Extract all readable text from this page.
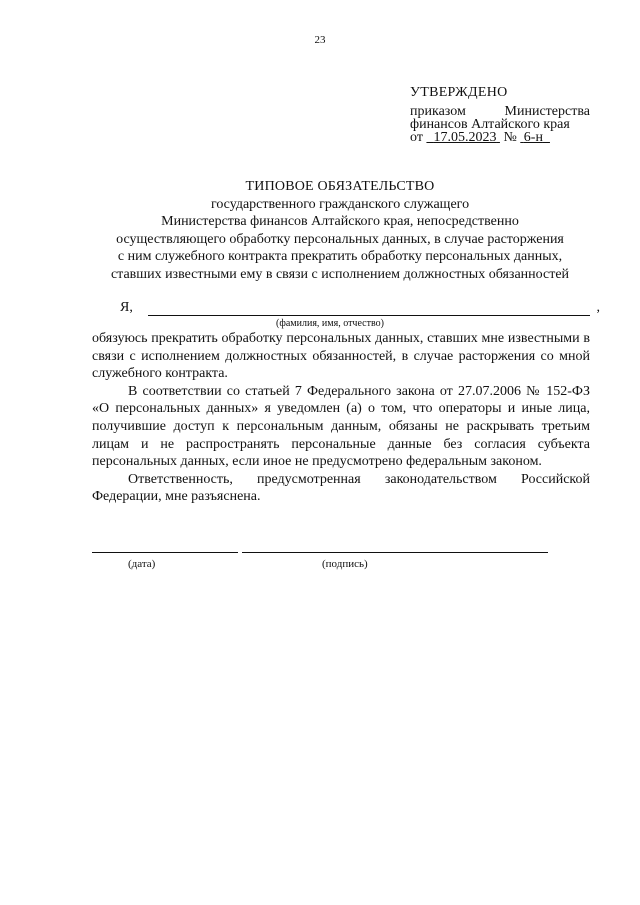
23
УТВЕРЖДЕНО
приказом	Министерства
финансов Алтайского края
от   17.05.2023 № 6-н
ТИПОВОЕ ОБЯЗАТЕЛЬСТВО
государственного гражданского служащего
Министерства финансов Алтайского края, непосредственно
осуществляющего обработку персональных данных, в случае расторжения
с ним служебного контракта прекратить обработку персональных данных,
ставших известными ему в связи с исполнением должностных обязанностей
Я,	,
(фамилия, имя, отчество)

обязуюсь прекратить обработку персональных данных, ставших мне известными в связи с исполнением должностных обязанностей, в случае расторжения со мной служебного контракта.

В соответствии со статьей 7 Федерального закона от 27.07.2006 № 152-ФЗ «О персональных данных» я уведомлен (а) о том, что операторы и иные лица, получившие доступ к персональным данным, обязаны не раскрывать третьим лицам и не распространять персональные данные без согласия субъекта персональных данных, если иное не предусмотрено федеральным законом.

Ответственность, предусмотренная законодательством Российской Федерации, мне разъяснена.

(дата)	(подпись)
